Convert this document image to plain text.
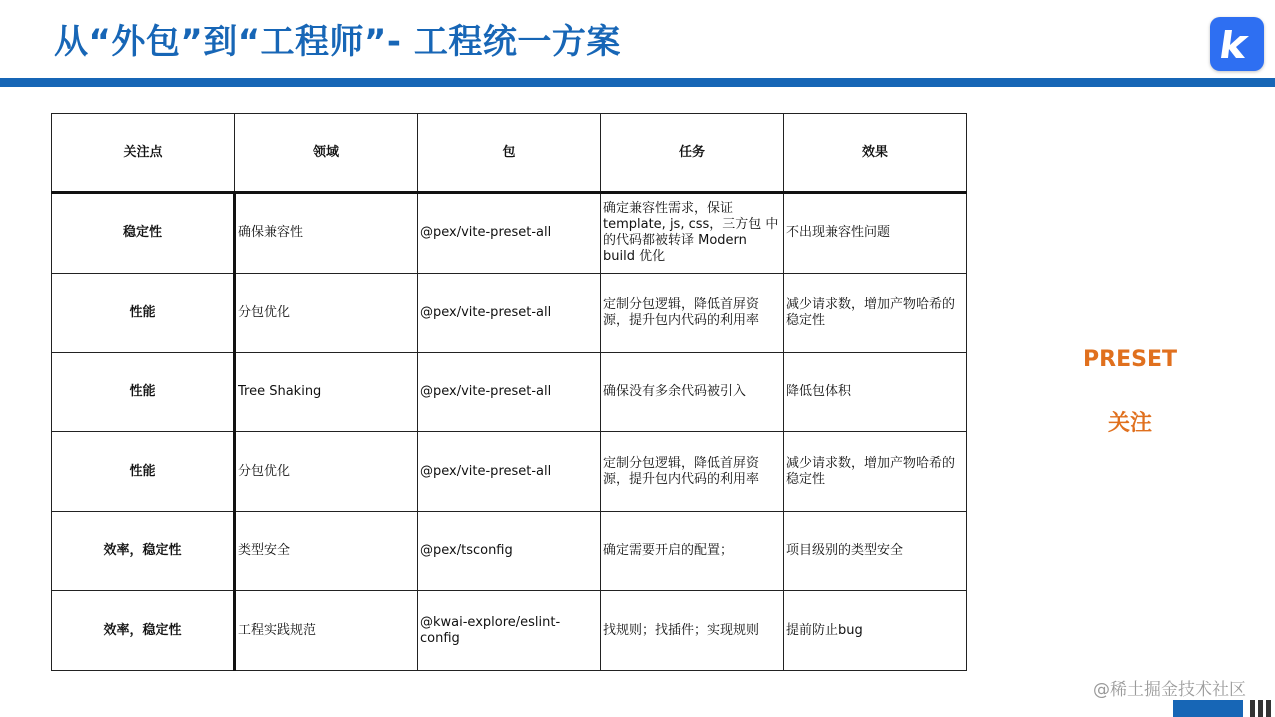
从“外包”到“工程师”- 工程统一方案
关注点	领域	包	任务	效果
稳定性	确保兼容性	@pex/vite-preset-all	确定兼容性需求，保证 template, js, css，三方包 中的代码都被转译 Modern build 优化	不出现兼容性问题
性能	分包优化	@pex/vite-preset-all	定制分包逻辑，降低首屏资源，提升包内代码的利用率	减少请求数，增加产物哈希的稳定性
性能	Tree Shaking	@pex/vite-preset-all	确保没有多余代码被引入	降低包体积
性能	分包优化	@pex/vite-preset-all	定制分包逻辑，降低首屏资源，提升包内代码的利用率	减少请求数，增加产物哈希的稳定性
效率，稳定性	类型安全	@pex/tsconfig	确定需要开启的配置；	项目级别的类型安全
效率，稳定性	工程实践规范	@kwai-explore/eslint-config	找规则；找插件；实现规则	提前防止bug
PRESET
关注
@稀土掘金技术社区
